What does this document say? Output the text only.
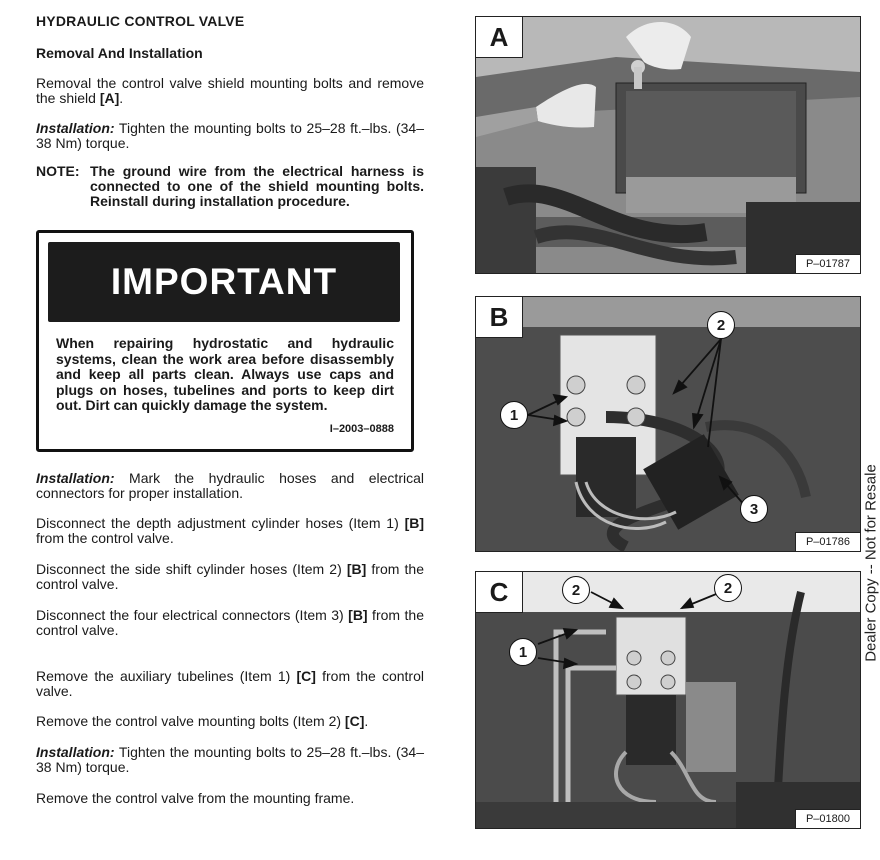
HYDRAULIC CONTROL VALVE

Removal And Installation

Removal the control valve shield mounting bolts and remove the shield [A].

Installation: Tighten the mounting bolts to 25–28 ft.–lbs. (34–38 Nm) torque.

NOTE: The ground wire from the electrical harness is connected to one of the shield mounting bolts. Reinstall during installation procedure.

Installation: Mark the hydraulic hoses and electrical connectors for proper installation.

Disconnect the depth adjustment cylinder hoses (Item 1) [B] from the control valve.

Disconnect the side shift cylinder hoses (Item 2) [B] from the control valve.

Disconnect the four electrical connectors (Item 3) [B] from the control valve.

Remove the auxiliary tubelines (Item 1) [C] from the control valve.

Remove the control valve mounting bolts (Item 2) [C].

Installation: Tighten the mounting bolts to 25–28 ft.–lbs. (34–38 Nm) torque.

Remove the control valve from the mounting frame.

IMPORTANT
When repairing hydrostatic and hydraulic systems, clean the work area before disassembly and keep all parts clean. Always use caps and plugs on hoses, tubelines and ports to keep dirt out. Dirt can quickly damage the system.
I–2003–0888
A
P–01787
2
1
3
B
P–01786
2	2
1
C
P–01800
Dealer Copy -- Not for Resale
